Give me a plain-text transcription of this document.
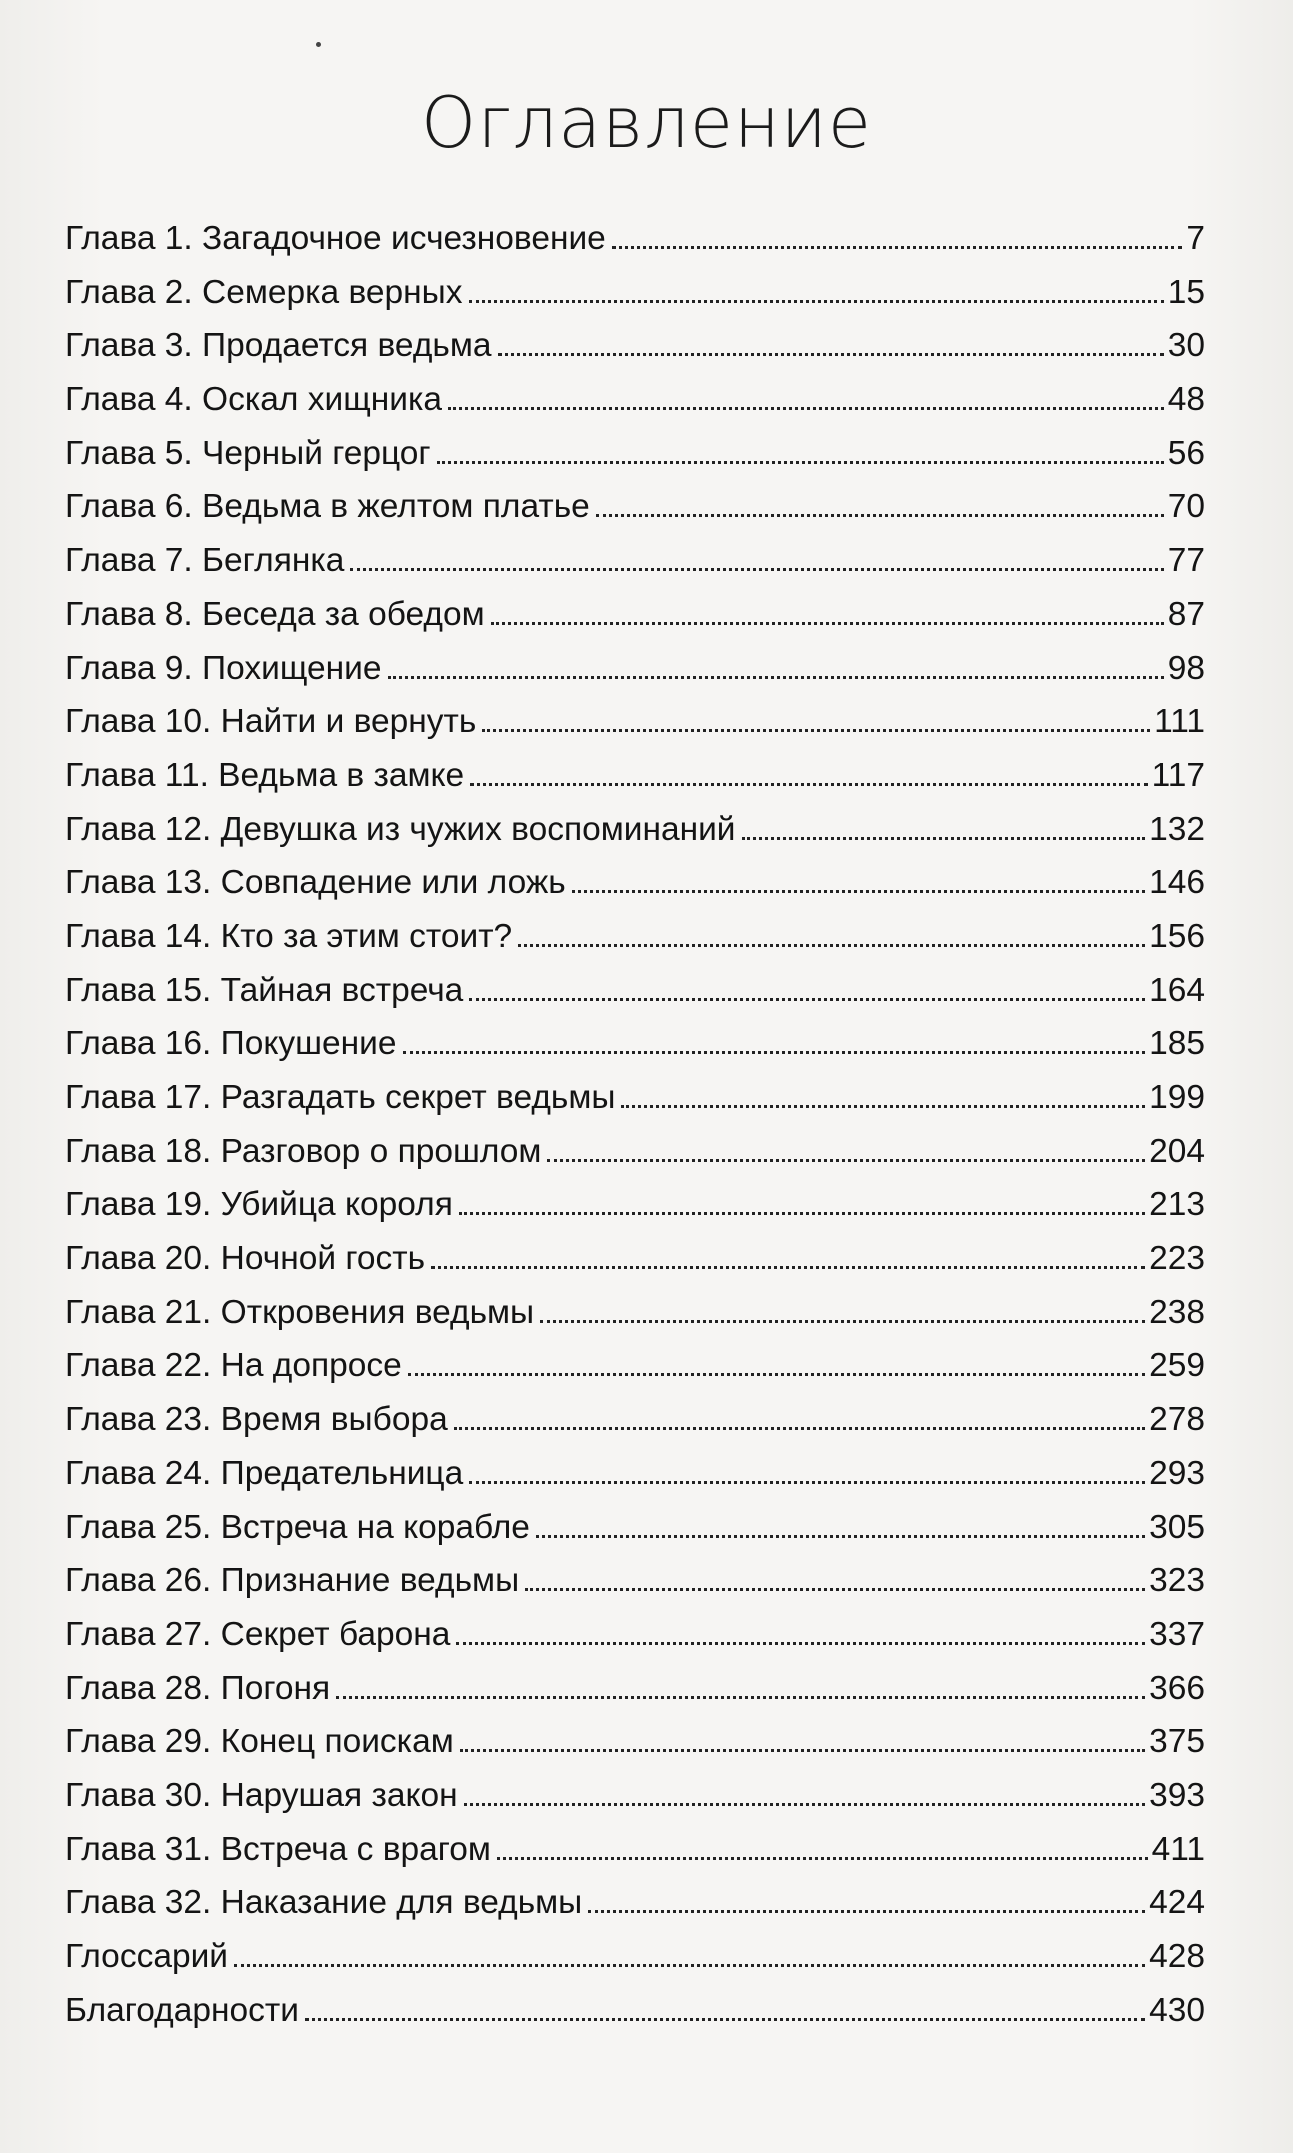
Оглавление
Глава 1. Загадочное исчезновение	7
Глава 2. Семерка верных	15
Глава 3. Продается ведьма	30
Глава 4. Оскал хищника	48
Глава 5. Черный герцог	56
Глава 6. Ведьма в желтом платье	70
Глава 7. Беглянка	77
Глава 8. Беседа за обедом	87
Глава 9. Похищение	98
Глава 10. Найти и вернуть	111
Глава 11. Ведьма в замке	117
Глава 12. Девушка из чужих воспоминаний	132
Глава 13. Совпадение или ложь	146
Глава 14. Кто за этим стоит?	156
Глава 15. Тайная встреча	164
Глава 16. Покушение	185
Глава 17. Разгадать секрет ведьмы	199
Глава 18. Разговор о прошлом	204
Глава 19. Убийца короля	213
Глава 20. Ночной гость	223
Глава 21. Откровения ведьмы	238
Глава 22. На допросе	259
Глава 23. Время выбора	278
Глава 24. Предательница	293
Глава 25. Встреча на корабле	305
Глава 26. Признание ведьмы	323
Глава 27. Секрет барона	337
Глава 28. Погоня	366
Глава 29. Конец поискам	375
Глава 30. Нарушая закон	393
Глава 31. Встреча с врагом	411
Глава 32. Наказание для ведьмы	424
Глоссарий	428
Благодарности	430
